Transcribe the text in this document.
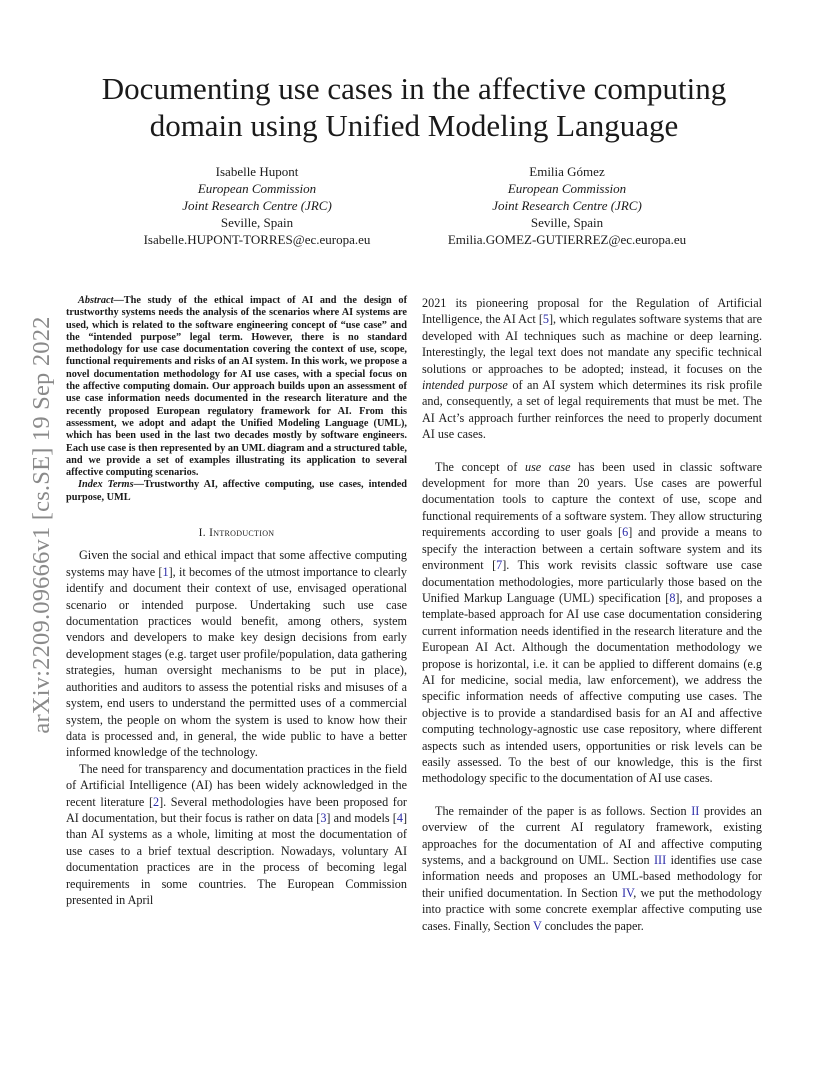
arXiv:2209.09666v1 [cs.SE] 19 Sep 2022
Documenting use cases in the affective computing domain using Unified Modeling Language
Isabelle Hupont
European Commission
Joint Research Centre (JRC)
Seville, Spain
Isabelle.HUPONT-TORRES@ec.europa.eu
Emilia Gómez
European Commission
Joint Research Centre (JRC)
Seville, Spain
Emilia.GOMEZ-GUTIERREZ@ec.europa.eu

Abstract—The study of the ethical impact of AI and the design of trustworthy systems needs the analysis of the scenarios where AI systems are used, which is related to the software engineering concept of “use case” and the “intended purpose” legal term. However, there is no standard methodology for use case documentation covering the context of use, scope, functional requirements and risks of an AI system. In this work, we propose a novel documentation methodology for AI use cases, with a special focus on the affective computing domain. Our approach builds upon an assessment of use case information needs documented in the research literature and the recently proposed European regulatory framework for AI. From this assessment, we adopt and adapt the Unified Modeling Language (UML), which has been used in the last two decades mostly by software engineers. Each use case is then represented by an UML diagram and a structured table, and we provide a set of examples illustrating its application to several affective computing scenarios.

Index Terms—Trustworthy AI, affective computing, use cases, intended purpose, UML

I. Introduction

Given the social and ethical impact that some affective computing systems may have [1], it becomes of the utmost importance to clearly identify and document their context of use, envisaged operational scenario or intended purpose. Undertaking such use case documentation practices would benefit, among others, system vendors and developers to make key design decisions from early development stages (e.g. target user profile/population, data gathering strategies, human oversight mechanisms to be put in place), authorities and auditors to assess the potential risks and misuses of a system, end users to understand the permitted uses of a commercial system, the people on whom the system is used to know how their data is processed and, in general, the wide public to have a better informed knowledge of the technology.

The need for transparency and documentation practices in the field of Artificial Intelligence (AI) has been widely acknowledged in the recent literature [2]. Several methodologies have been proposed for AI documentation, but their focus is rather on data [3] and models [4] than AI systems as a whole, limiting at most the documentation of use cases to a brief textual description. Nowadays, voluntary AI documentation practices are in the process of becoming legal requirements in some countries. The European Commission presented in April

2021 its pioneering proposal for the Regulation of Artificial Intelligence, the AI Act [5], which regulates software systems that are developed with AI techniques such as machine or deep learning. Interestingly, the legal text does not mandate any specific technical solutions or approaches to be adopted; instead, it focuses on the intended purpose of an AI system which determines its risk profile and, consequently, a set of legal requirements that must be met. The AI Act’s approach further reinforces the need to properly document AI use cases.

The concept of use case has been used in classic software development for more than 20 years. Use cases are powerful documentation tools to capture the context of use, scope and functional requirements of a software system. They allow structuring requirements according to user goals [6] and provide a means to specify the interaction between a certain software system and its environment [7]. This work revisits classic software use case documentation methodologies, more particularly those based on the Unified Markup Language (UML) specification [8], and proposes a template-based approach for AI use case documentation considering current information needs identified in the research literature and the European AI Act. Although the documentation methodology we propose is horizontal, i.e. it can be applied to different domains (e.g AI for medicine, social media, law enforcement), we address the specific information needs of affective computing use cases. The objective is to provide a standardised basis for an AI and affective computing technology-agnostic use case repository, where different aspects such as intended users, opportunities or risk levels can be easily assessed. To the best of our knowledge, this is the first methodology specific to the documentation of AI use cases.

The remainder of the paper is as follows. Section II provides an overview of the current AI regulatory framework, existing approaches for the documentation of AI and affective computing systems, and a background on UML. Section III identifies use case information needs and proposes an UML-based methodology for their unified documentation. In Section IV, we put the methodology into practice with some concrete exemplar affective computing use cases. Finally, Section V concludes the paper.
